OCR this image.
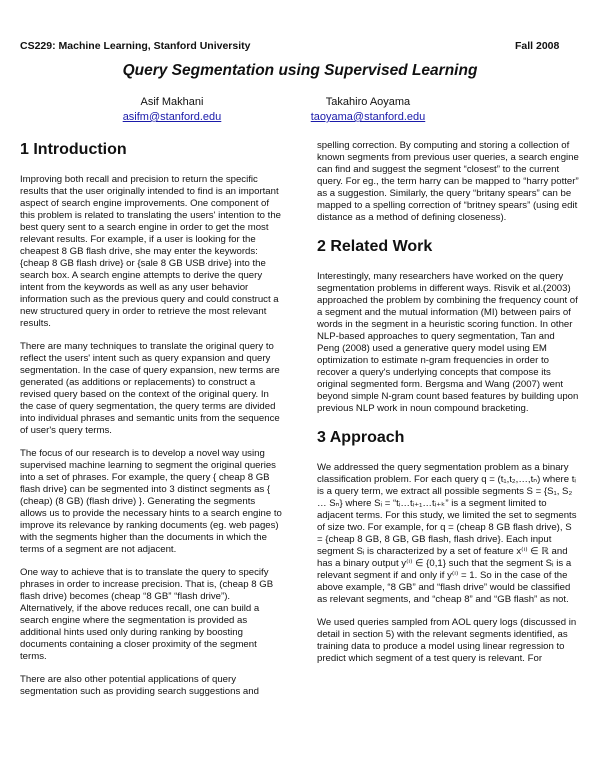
CS229: Machine Learning, Stanford University	Fall 2008
Query Segmentation using Supervised Learning
Asif Makhani
asifm@stanford.edu
Takahiro Aoyama
taoyama@stanford.edu
1 Introduction

Improving both recall and precision to return the specific results that the user originally intended to find is an important aspect of search engine improvements. One component of this problem is related to translating the users' intention to the best query sent to a search engine in order to get the most relevant results. For example, if a user is looking for the cheapest 8 GB flash drive, she may enter the keywords: {cheap 8 GB flash drive} or {sale 8 GB USB drive} into the search box. A search engine attempts to derive the query intent from the keywords as well as any user behavior information such as the previous query and could construct a new structured query in order to retrieve the most relevant results.

There are many techniques to translate the original query to reflect the users' intent such as query expansion and query segmentation. In the case of query expansion, new terms are generated (as additions or replacements) to construct a revised query based on the context of the original query. In the case of query segmentation, the query terms are divided into individual phrases and semantic units from the sequence of user's query terms.

The focus of our research is to develop a novel way using supervised machine learning to segment the original queries into a set of phrases. For example, the query { cheap 8 GB flash drive} can be segmented into 3 distinct segments as { (cheap) (8 GB) (flash drive) }. Generating the segments allows us to provide the necessary hints to a search engine to improve its relevance by ranking documents (eg. web pages) with the segments higher than the documents in which the terms of a segment are not adjacent.

One way to achieve that is to translate the query to specify phrases in order to increase precision. That is, (cheap 8 GB flash drive) becomes (cheap “8 GB” “flash drive”). Alternatively, if the above reduces recall, one can build a search engine where the segmentation is provided as additional hints used only during ranking by boosting documents containing a closer proximity of the segment terms.

There are also other potential applications of query segmentation such as providing search suggestions and

spelling correction. By computing and storing a collection of known segments from previous user queries, a search engine can find and suggest the segment “closest” to the current query. For eg., the term harry can be mapped to “harry potter” as a suggestion. Similarly, the query “britany spears” can be mapped to a spelling correction of “britney spears” (using edit distance as a method of defining closeness).

2 Related Work

Interestingly, many researchers have worked on the query segmentation problems in different ways. Risvik et al.(2003) approached the problem by combining the frequency count of a segment and the mutual information (MI) between pairs of words in the segment in a heuristic scoring function. In other NLP-based approaches to query segmentation, Tan and Peng (2008) used a generative query model using EM optimization to estimate n-gram frequencies in order to recover a query's underlying concepts that compose its original segmented form. Bergsma and Wang (2007) went beyond simple N-gram count based features by building upon previous NLP work in noun compound bracketing.

3 Approach

We addressed the query segmentation problem as a binary classification problem. For each query q = (t₁,t₂,…,tₙ) where tᵢ is a query term, we extract all possible segments S = {S₁, S₂ … Sₙ} where Sᵢ = “tᵢ…tᵢ₊₁…tᵢ₊ₖ” is a segment limited to adjacent terms. For this study, we limited the set to segments of size two. For example, for q = (cheap 8 GB flash drive), S = {cheap 8 GB, 8 GB, GB flash, flash drive}. Each input segment Sᵢ is characterized by a set of feature x⁽ⁱ⁾ ∈ ℝ and has a binary output y⁽ⁱ⁾ ∈ {0,1} such that the segment Sᵢ is a relevant segment if and only if y⁽ⁱ⁾ = 1. So in the case of the above example, “8 GB” and “flash drive” would be classified as relevant segments, and “cheap 8” and “GB flash” as not.

We used queries sampled from AOL query logs (discussed in detail in section 5) with the relevant segments identified, as training data to produce a model using linear regression to predict which segment of a test query is relevant. For
